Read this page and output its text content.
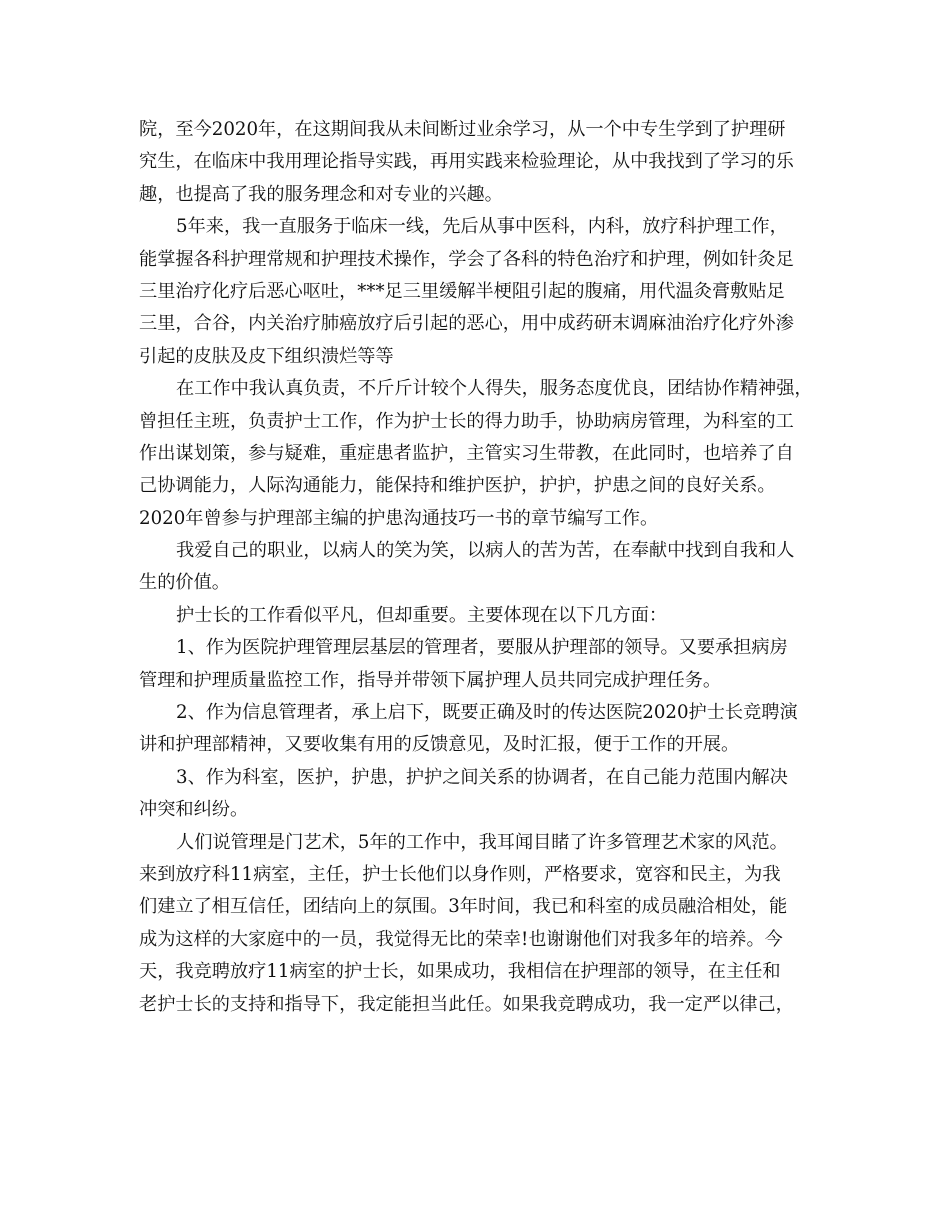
院，至今2020年，在这期间我从未间断过业余学习，从一个中专生学到了护理研
究生，在临床中我用理论指导实践，再用实践来检验理论，从中我找到了学习的乐
趣，也提高了我的服务理念和对专业的兴趣。
5年来，我一直服务于临床一线，先后从事中医科，内科，放疗科护理工作，
能掌握各科护理常规和护理技术操作，学会了各科的特色治疗和护理，例如针灸足
三里治疗化疗后恶心呕吐，***足三里缓解半梗阻引起的腹痛，用代温灸膏敷贴足
三里，合谷，内关治疗肺癌放疗后引起的恶心，用中成药研末调麻油治疗化疗外渗
引起的皮肤及皮下组织溃烂等等
在工作中我认真负责，不斤斤计较个人得失，服务态度优良，团结协作精神强，
曾担任主班，负责护士工作，作为护士长的得力助手，协助病房管理，为科室的工
作出谋划策，参与疑难，重症患者监护，主管实习生带教，在此同时，也培养了自
己协调能力，人际沟通能力，能保持和维护医护，护护，护患之间的良好关系。
2020年曾参与护理部主编的护患沟通技巧一书的章节编写工作。
我爱自己的职业，以病人的笑为笑，以病人的苦为苦，在奉献中找到自我和人
生的价值。
护士长的工作看似平凡，但却重要。主要体现在以下几方面：
1、作为医院护理管理层基层的管理者，要服从护理部的领导。又要承担病房
管理和护理质量监控工作，指导并带领下属护理人员共同完成护理任务。
2、作为信息管理者，承上启下，既要正确及时的传达医院2020护士长竞聘演
讲和护理部精神，又要收集有用的反馈意见，及时汇报，便于工作的开展。
3、作为科室，医护，护患，护护之间关系的协调者，在自己能力范围内解决
冲突和纠纷。
人们说管理是门艺术，5年的工作中，我耳闻目睹了许多管理艺术家的风范。
来到放疗科11病室，主任，护士长他们以身作则，严格要求，宽容和民主，为我
们建立了相互信任，团结向上的氛围。3年时间，我已和科室的成员融洽相处，能
成为这样的大家庭中的一员，我觉得无比的荣幸!也谢谢他们对我多年的培养。今
天，我竞聘放疗11病室的护士长，如果成功，我相信在护理部的领导，在主任和
老护士长的支持和指导下，我定能担当此任。如果我竞聘成功，我一定严以律己，
